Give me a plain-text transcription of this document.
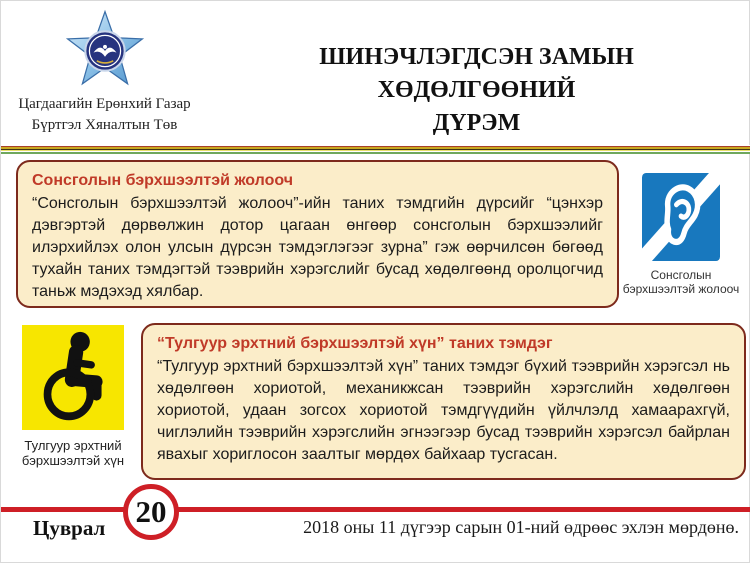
Цагдаагийн Ерөнхий Газар
Бүртгэл Хяналтын Төв
ШИНЭЧЛЭГДСЭН ЗАМЫН ХӨДӨЛГӨӨНИЙ
ДҮРЭМ

Сонсголын бэрхшээлтэй жолооч

“Сонсголын бэрхшээлтэй жолооч”-ийн таних тэмдгийн дүрсийг “цэнхэр дэвгэртэй дөрвөлжин дотор цагаан өнгөөр сонсголын бэрхшээлийг илэрхийлэх олон улсын дүрсэн тэмдэглэгээг зурна” гэж өөрчилсөн бөгөөд тухайн таних тэмдэгтэй тээврийн хэрэгслийг бусад хөдөлгөөнд оролцогчид таньж мэдэхэд хялбар.

Сонсголын бэрхшээлтэй жолооч
Тулгуур эрхтний
бэрхшээлтэй хүн

“Тулгуур эрхтний бэрхшээлтэй хүн” таних тэмдэг

“Тулгуур эрхтний бэрхшээлтэй хүн” таних тэмдэг бүхий тээврийн хэрэгсэл нь хөдөлгөөн хориотой, механикжсан тээврийн хэрэгслийн хөдөлгөөн хориотой, удаан зогсох хориотой тэмдгүүдийн үйлчлэлд хамаарахгүй, чиглэлийн тээврийн хэрэгслийн эгнээгээр бусад тээврийн хэрэгсэл байрлан явахыг хориглосон заалтыг мөрдөх байхаар тусгасан.

Цуврал 20	2018 оны 11 дүгээр сарын 01-ний өдрөөс эхлэн мөрдөнө.
